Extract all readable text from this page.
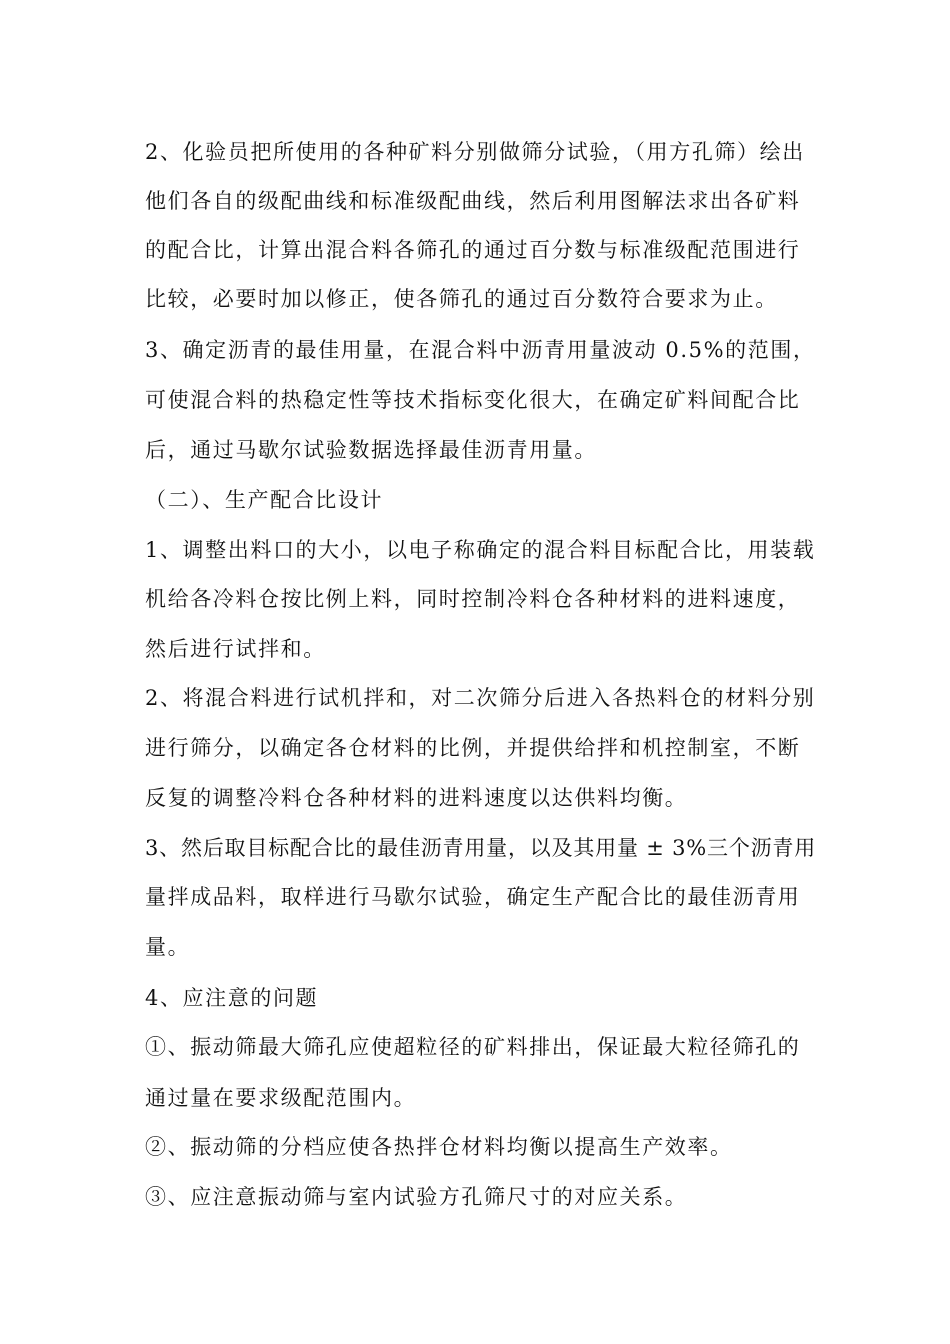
2、化验员把所使用的各种矿料分别做筛分试验，（用方孔筛）绘出

他们各自的级配曲线和标准级配曲线，然后利用图解法求出各矿料

的配合比，计算出混合料各筛孔的通过百分数与标准级配范围进行

比较，必要时加以修正，使各筛孔的通过百分数符合要求为止。

3、确定沥青的最佳用量，在混合料中沥青用量波动 0.5%的范围，

可使混合料的热稳定性等技术指标变化很大，在确定矿料间配合比

后，通过马歇尔试验数据选择最佳沥青用量。

（二）、生产配合比设计

1、调整出料口的大小，以电子称确定的混合料目标配合比，用装载

机给各冷料仓按比例上料，同时控制冷料仓各种材料的进料速度，

然后进行试拌和。

2、将混合料进行试机拌和，对二次筛分后进入各热料仓的材料分别

进行筛分，以确定各仓材料的比例，并提供给拌和机控制室，不断

反复的调整冷料仓各种材料的进料速度以达供料均衡。

3、然后取目标配合比的最佳沥青用量，以及其用量 ± 3%三个沥青用

量拌成品料，取样进行马歇尔试验，确定生产配合比的最佳沥青用

量。

4、应注意的问题

①、振动筛最大筛孔应使超粒径的矿料排出，保证最大粒径筛孔的

通过量在要求级配范围内。

②、振动筛的分档应使各热拌仓材料均衡以提高生产效率。

③、应注意振动筛与室内试验方孔筛尺寸的对应关系。
